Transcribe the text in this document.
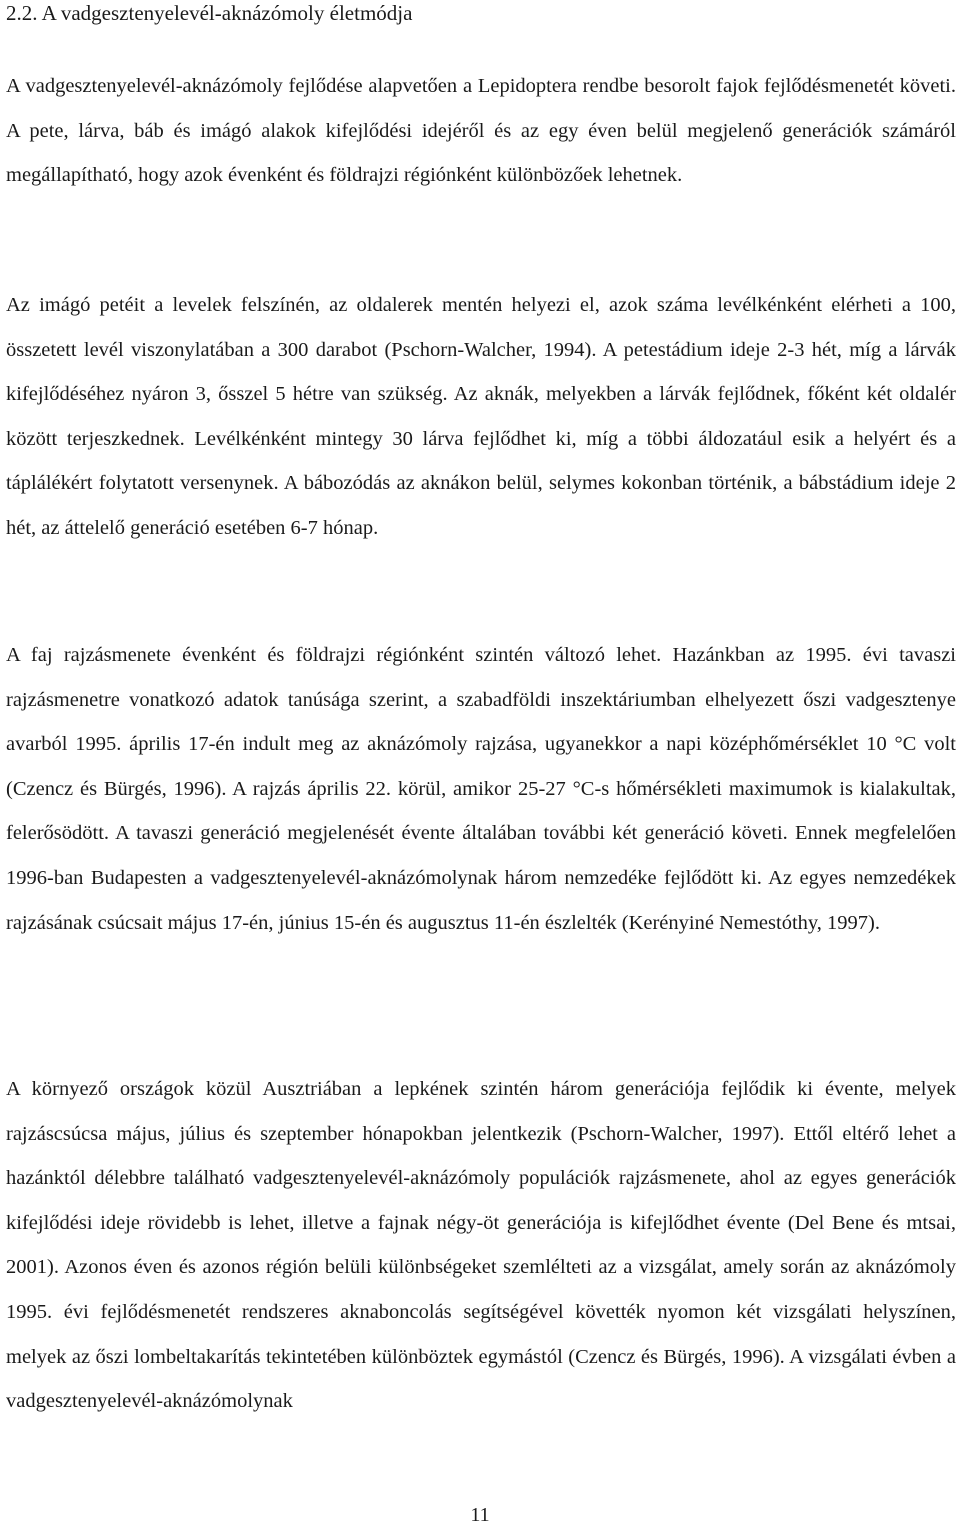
2.2. A vadgesztenyelevél-aknázómoly életmódja

A vadgesztenyelevél-aknázómoly fejlődése alapvetően a Lepidoptera rendbe besorolt fajok fejlődésmenetét követi. A pete, lárva, báb és imágó alakok kifejlődési idejéről és az egy éven belül megjelenő generációk számáról megállapítható, hogy azok évenként és földrajzi régiónként különbözőek lehetnek.

Az imágó petéit a levelek felszínén, az oldalerek mentén helyezi el, azok száma levélkénként elérheti a 100, összetett levél viszonylatában a 300 darabot (Pschorn-Walcher, 1994). A petestádium ideje 2-3 hét, míg a lárvák kifejlődéséhez nyáron 3, ősszel 5 hétre van szükség. Az aknák, melyekben a lárvák fejlődnek, főként két oldalér között terjeszkednek. Levélkénként mintegy 30 lárva fejlődhet ki, míg a többi áldozatául esik a helyért és a táplálékért folytatott versenynek. A bábozódás az aknákon belül, selymes kokonban történik, a bábstádium ideje 2 hét, az áttelelő generáció esetében 6-7 hónap.

A faj rajzásmenete évenként és földrajzi régiónként szintén változó lehet. Hazánkban az 1995. évi tavaszi rajzásmenetre vonatkozó adatok tanúsága szerint, a szabadföldi inszektáriumban elhelyezett őszi vadgesztenye avarból 1995. április 17-én indult meg az aknázómoly rajzása, ugyanekkor a napi középhőmérséklet 10 °C volt (Czencz és Bürgés, 1996). A rajzás április 22. körül, amikor 25-27 °C-s hőmérsékleti maximumok is kialakultak, felerősödött. A tavaszi generáció megjelenését évente általában további két generáció követi. Ennek megfelelően 1996-ban Budapesten a vadgesztenyelevél-aknázómolynak három nemzedéke fejlődött ki. Az egyes nemzedékek rajzásának csúcsait május 17-én, június 15-én és augusztus 11-én észlelték (Kerényiné Nemestóthy, 1997).

A környező országok közül Ausztriában a lepkének szintén három generációja fejlődik ki évente, melyek rajzáscsúcsa május, július és szeptember hónapokban jelentkezik (Pschorn-Walcher, 1997). Ettől eltérő lehet a hazánktól délebbre található vadgesztenyelevél-aknázómoly populációk rajzásmenete, ahol az egyes generációk kifejlődési ideje rövidebb is lehet, illetve a fajnak négy-öt generációja is kifejlődhet évente (Del Bene és mtsai, 2001). Azonos éven és azonos régión belüli különbségeket szemlélteti az a vizsgálat, amely során az aknázómoly 1995. évi fejlődésmenetét rendszeres aknaboncolás segítségével követték nyomon két vizsgálati helyszínen, melyek az őszi lombeltakarítás tekintetében különböztek egymástól (Czencz és Bürgés, 1996). A vizsgálati évben a vadgesztenyelevél-aknázómolynak

11
